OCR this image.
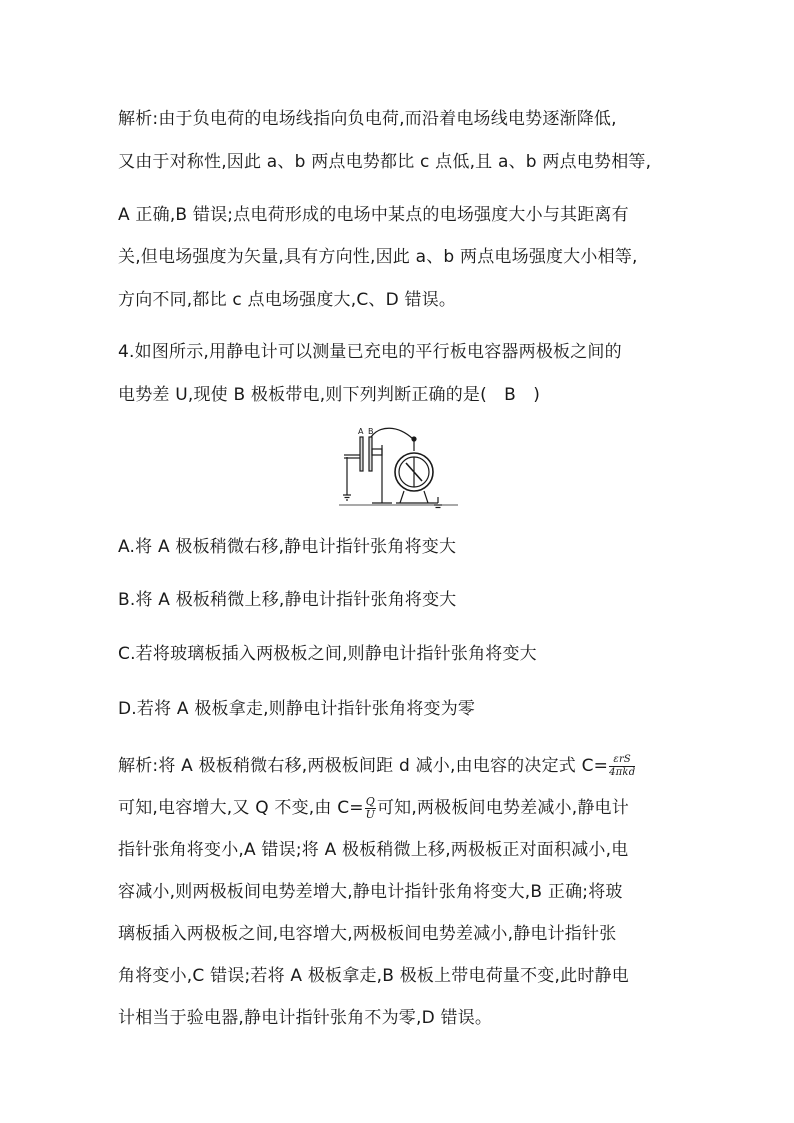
解析:由于负电荷的电场线指向负电荷,而沿着电场线电势逐渐降低,
又由于对称性,因此 a、b 两点电势都比 c 点低,且 a、b 两点电势相等,
A 正确,B 错误;点电荷形成的电场中某点的电场强度大小与其距离有
关,但电场强度为矢量,具有方向性,因此 a、b 两点电场强度大小相等,
方向不同,都比 c 点电场强度大,C、D 错误。
4.如图所示,用静电计可以测量已充电的平行板电容器两极板之间的
电势差 U,现使 B 极板带电,则下列判断正确的是(　B　)
A B
A.将 A 极板稍微右移,静电计指针张角将变大
B.将 A 极板稍微上移,静电计指针张角将变大
C.若将玻璃板插入两极板之间,则静电计指针张角将变大
D.若将 A 极板拿走,则静电计指针张角将变为零
解析:将 A 极板稍微右移,两极板间距 d 减小,由电容的决定式 $C= \frac{\text{εrS}}{\text{4πkd}}$
可知,电容增大,又 Q 不变,由 $C= \frac{Q}{U}$ 可知,两极板间电势差减小,静电计
指针张角将变小,A 错误;将 A 极板稍微上移,两极板正对面积减小,电
容减小,则两极板间电势差增大,静电计指针张角将变大,B 正确;将玻
璃板插入两极板之间,电容增大,两极板间电势差减小,静电计指针张
角将变小,C 错误;若将 A 极板拿走,B 极板上带电荷量不变,此时静电
计相当于验电器,静电计指针张角不为零,D 错误。
